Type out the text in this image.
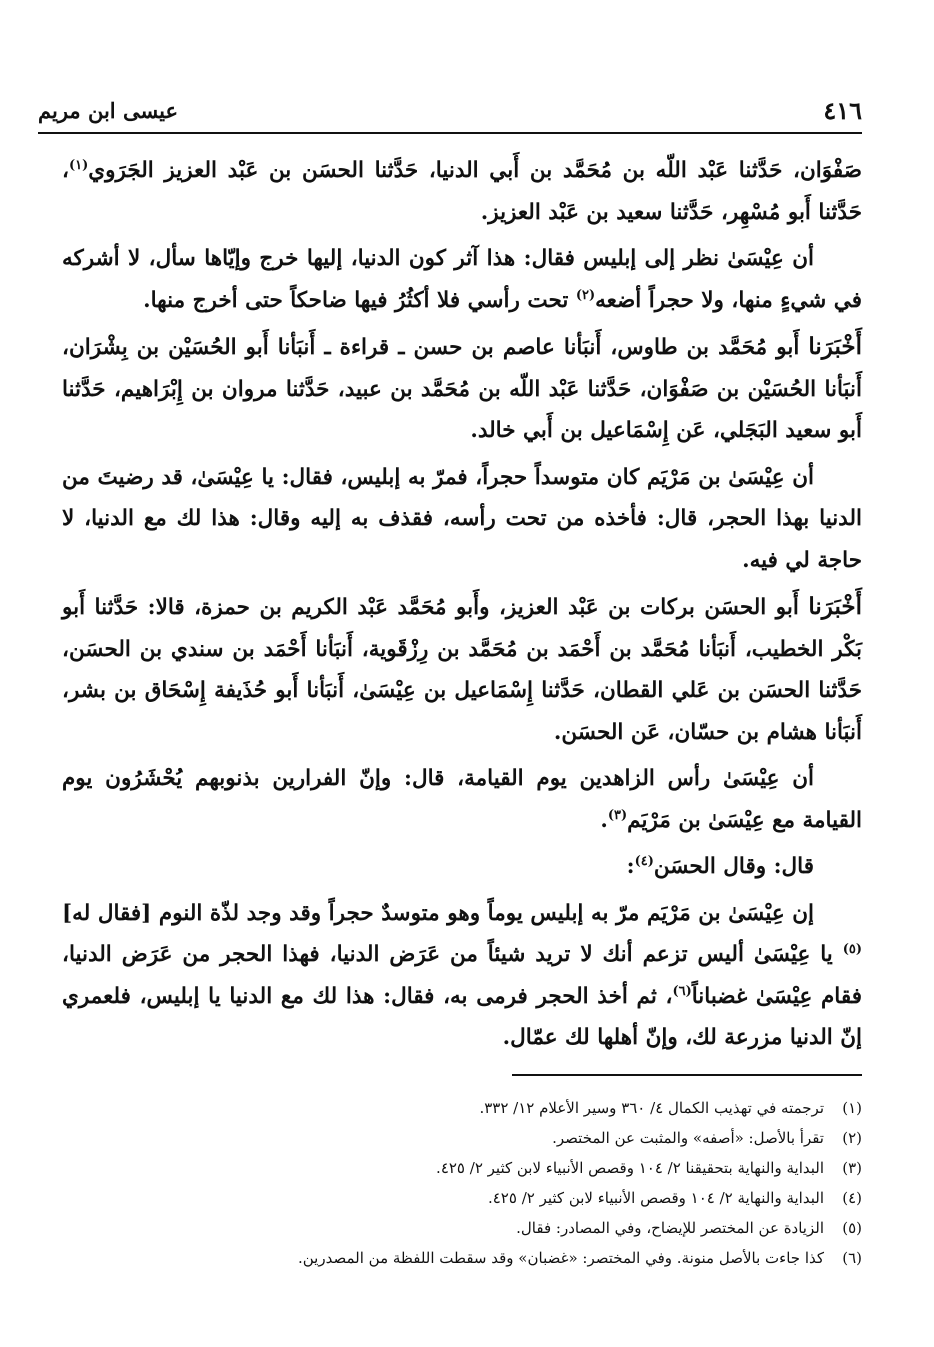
٤١٦
عيسى ابن مريم

صَفْوَان، حَدَّثنا عَبْد اللّه بن مُحَمَّد بن أَبي الدنيا، حَدَّثنا الحسَن بن عَبْد العزيز الجَرَوي$^{(١)}$، حَدَّثنا أَبو مُسْهِر، حَدَّثنا سعيد بن عَبْد العزيز.

أن عِيْسَىٰ نظر إلى إبليس فقال: هذا آثر كون الدنيا، إليها خرج وإيّاها سأل، لا أشركه في شيءٍ منها، ولا حجراً أضعه$^{(٢)}$ تحت رأسي فلا أكثُرُ فيها ضاحكاً حتى أخرج منها.

أَخْبَرَنا أَبو مُحَمَّد بن طاوس، أَنبَأنا عاصم بن حسن ـ قراءة ـ أَنبَأنا أَبو الحُسَيْن بن بِشْرَان، أَنبَأنا الحُسَيْن بن صَفْوَان، حَدَّثنا عَبْد اللّه بن مُحَمَّد بن عبيد، حَدَّثنا مروان بن إِبْرَاهيم، حَدَّثنا أَبو سعيد البَجَلي، عَن إِسْمَاعيل بن أَبي خالد.

أن عِيْسَىٰ بن مَرْيَم كان متوسداً حجراً، فمرّ به إبليس، فقال: يا عِيْسَىٰ، قد رضيتَ من الدنيا بهذا الحجر، قال: فأخذه من تحت رأسه، فقذف به إليه وقال: هذا لك مع الدنيا، لا حاجة لي فيه.

أَخْبَرَنا أَبو الحسَن بركات بن عَبْد العزيز، وأَبو مُحَمَّد عَبْد الكريم بن حمزة، قالا: حَدَّثنا أَبو بَكْر الخطيب، أَنبَأنا مُحَمَّد بن أَحْمَد بن مُحَمَّد بن رِزْقَوية، أَنبَأنا أَحْمَد بن سندي بن الحسَن، حَدَّثنا الحسَن بن عَلي القطان، حَدَّثنا إِسْمَاعيل بن عِيْسَىٰ، أَنبَأنا أَبو حُذَيفة إِسْحَاق بن بشر، أَنبَأنا هشام بن حسّان، عَن الحسَن.

أن عِيْسَىٰ رأس الزاهدين يوم القيامة، قال: وإنّ الفرارين بذنوبهم يُحْشَرُون يوم القيامة مع عِيْسَىٰ بن مَرْيَم$^{(٣)}$.

قال: وقال الحسَن$^{(٤)}$:

إن عِيْسَىٰ بن مَرْيَم مرّ به إبليس يوماً وهو متوسدٌ حجراً وقد وجد لذّة النوم [فقال له]$^{(٥)}$ يا عِيْسَىٰ أليس تزعم أنك لا تريد شيئاً من عَرَض الدنيا، فهذا الحجر من عَرَض الدنيا، فقام عِيْسَىٰ غضباناً$^{(٦)}$، ثم أخذ الحجر فرمى به، فقال: هذا لك مع الدنيا يا إبليس، فلعمري إنّ الدنيا مزرعة لك، وإنّ أهلها لك عمّال.

(١)
ترجمته في تهذيب الكمال ٤/ ٣٦٠ وسير الأعلام ١٢/ ٣٣٢.
(٢)
تقرأ بالأصل: «أصفه» والمثبت عن المختصر.
(٣)
البداية والنهاية بتحقيقنا ٢/ ١٠٤ وقصص الأنبياء لابن كثير ٢/ ٤٢٥.
(٤)
البداية والنهاية ٢/ ١٠٤ وقصص الأنبياء لابن كثير ٢/ ٤٢٥.
(٥)
الزيادة عن المختصر للإيضاح، وفي المصادر: فقال.
(٦)
كذا جاءت بالأصل منونة. وفي المختصر: «غضبان» وقد سقطت اللفظة من المصدرين.
